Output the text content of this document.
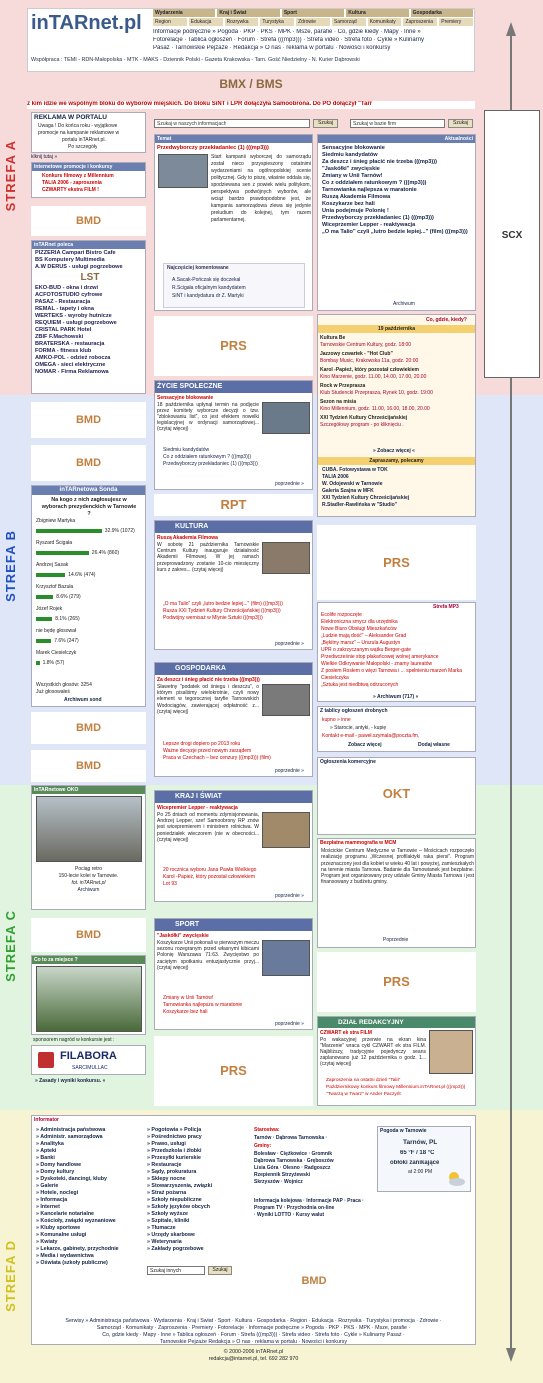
STREFA A
STREFA B
STREFA C
STREFA D
SCX
inTARnet.pl	Wydarzenia	Kraj i Świat	Sport	Kultura	Gospodarka
Region	Edukacja	Rozrywka	Turystyka	Zdrowie	Samorząd	Komunikaty	Zaproszenia	Premiery
Informacje podręczne » Pogoda · PKP · PKS · MPK · Msze, parafie · Co, gdzie kiedy · Mapy · Inne »
Fotorelacje · Tablica ogłoszeń · Forum · Strefa (((mp3))) · Strefa video · Strefa foto · Cykle » Kulinarny
Pasaż · Tarnowskie Pejzaże · Redakcja » O nas · reklama w portalu · Nowości i konkursy
Współpraca : TEMI - RDN-Małopolska - MTK - MAKS - Dziennik Polski - Gazeta Krakowska - Tarn. Gość Niedzielny - N. Kurier Dąbrowski
BMX / BMS
z kim idzie we wspólnym bloku do wyborów miejskich. Do bloku SiNT i LPR dołączyła Samoobrona. Do PO dołączył "Tarr
REKLAMA W PORTALU
Uwaga ! Do końca roku - wyjątkowe
promocje na kampanie reklamowe w
portalu inTARnet.pl.
Po szczegóły
klknij tutaj »
Internetowe promocje i konkursy
Konkurs filmowy z Millennium
TALIA 2006 - zaproszenia
CZWARTY ekstra FILM !
BMD
inTARnet poleca
PIZZERIA Campari Bistro Cafe
BS Komputery Multimedia
A.W DERUS - usługi pogrzebowe
LST
EKO-BUD - okna i drzwi
ACFOTOSTUDIO cyfrowe
PASAŻ - Restauracja
REMAL - tapety i okna
WERTEKS - wyroby hutnicze
REQUIEM - usługi pogrzebowe
CRISTAL PARK Hotel
ZBIF F.Machowski
BRATERSKA - restauracja
FORMA - fitness klub
AMKO-POL - odzież robocza
OMEGA - sieci elektryczne
NOMAR - Firma Reklamowa
Szukaj w naszych informacjach	Szukaj	Szukaj w bazie firm	Szukaj
Temat
Przedwyborczy przekładaniec (1) (((mp3)))
Start kampanii wyborczej do samorządu został nieco przyspieszony ostatnimi wydarzeniami na ogólnopolskiej scenie politycznej. Gdy to piszę, właśnie oddala się, spodziewana sen z powiek wielu politykom, perspektywa podwójnych wyborów, ale wciąż bardzo prawdopodobne jest, że kampania samorządowa zlewa się jedynie preludium do kolejnej, tym razem parlamentarnej.
Najczęściej komentowane
A.Sacak-Pończak się doczekał
R.Ścigała oficjalnym kandydatem
SiNT i kandydatura dr Z. Martyki
Aktualności
Sensacyjne blokowanie
Siedmiu kandydatów
Za deszcz i śnieg płacić nie trzeba (((mp3)))
"Jaskółki" zwycięskie
Zmiany w Unii Tarnów!
Co z oddziałem ratunkowym ? (((mp3)))
Tarnowianka najlepsza w maratonie
Ruszą Akademia Filmowa
Koszykarze bez hali
Unia podejmuje Polonię !
Przedwyborczy przekładaniec (1) (((mp3)))
Wiceprzemier Lepper - reaktywacja
„O ma Talio" czyli „lutro bedzie lepiej..." (film) (((mp3)))
Archiwum
PRS
Co, gdzie, kiedy?
19 października
Kultura Be
Tarnowskie Centrum Kultury, godz. 18:00
Jazzowy czwartek - "Hot Club"
Bombay Music, Krakowska 11a, godz. 20:00
Karol -Papież, który pozostał człowiekiem
Kino Marzenie, godz. 11.00, 14.00, 17.00, 20.00
Rock w Przeprasza
Klub Studencki Przeprasza, Rynek 10, godz. 19:00
Sezon na misia
Kino Millennium, godz. 11.00, 16.00, 18.00, 20.00
XXI Tydzień Kultury Chrześcijańskiej
Szczegółowy program - po kliknięciu .
» Zobacz więcej «
Zapraszamy, polecamy
CUBA. Fotowystawa w TOK
TALIA 2006
W. Odojewski w Tarnowie
Galeria Szajna w MFK
XXI Tydzień Kultury Chrześcijańskiej
R.Stadler-Rawlińska w "Studio"
BMD
BMD
inTARnetowa Sonda
Na kogo z nich zagłosujesz w wyborach prezydenckich w Tarnowie ?
Zbigniew Martyka
32.9% (1072)
Ryszard Ścigała
26.4% (860)
Andrzej Sasak
14.6% (474)
Krzysztof Bazuła
8.6% (279)
Józef Rojek
8.1% (265)
nie będę głosował
7.6% (247)
Marek Ciesielczyk
1.8% (57)
Wszystkich głosów: 3254
Już głosowałeś
Archiwum sond
BMD
BMD
ŻYCIE SPOŁECZNE
Sensacyjne blokowanie
18 października upłynął termin na podjęcie przez komitety wyborcze decyzji o tzw. "zblokowaniu list", co jest efektem nowelki legislacyjnej w ordynacji samorządowej... (czytaj więcej)
Siedmiu kandydatów
Co z oddziałem ratunkowym ? (((mp3)))
Przedwyborczy przekładaniec (1) (((mp3)))
poprzednie »
RPT
KULTURA
Ruszą Akademia Filmowa
W sobotę 21 października Tarnowskie Centrum Kultury inauguruje działalność Akademii Filmowej. W jej ramach przeprowadzony zostanie 10-cio miesięczny kurs z zakres... (czytaj więcej)
„O ma Talio" czyli „lutro bedzie lepiej..." (film) (((mp3)))
Rusza XXI Tydzień Kultury Chrześcijańskiej (((mp3)))
Podwójny wernisaż w Mlynie Sztuki (((mp3)))
poprzednie »
GOSPODARKA
Za deszcz i śnieg płacić nie trzeba (((mp3)))
Sławetny "podatek od śniegu i deszczu", o którym pisaliśmy wielokrotnie, czyli nowy element w tegorocznej taryfie Tarnowskich Wodociągów, zawierającej odpłatność z... (czytaj więcej)
Lepsze drogi dopiero po 2013 roku
Ważne decyzje przed nowym zarządem
Praca w Czechach – bez cenzury (((mp3))) (film)
poprzednie »
PRS
Strefa MP3
Ecolife rozpoczęte
Elektroniczna smycz dla urzędnika
Nowe Biuro Obsługi Mieszkańców
„Ludzie mają dość" – Aleksander Grad
„Bękitny marsz" – Urszula Augustyn
UPR o zakrzyczanym wątku Berger-gate
Przedwcześnie stop płakańcowej wolnej amerykance
Wielkie Odkrywanie Małopolski - znamy laureatów
Z posłem Rosłem o więzi Tarnowa i ... spełnieniu marzeń Marka Ciesielczyka
„Sztuka jest niedbtwą odrzuconych
» Archiwum (717) «
Z tablicy ogłoszeń drobnych
kupno » inne
» Starocie, antyki, - kupię
Kontakt e-mail - paweł.szymala@poczta.fm,
Zobacz więcej	Dodaj własne
Ogłoszenia komercyjne
OKT
InTARnetowe OKO
Pociąg retro
150-lecie kolei w Tarnowie.
fot. inTARnet.pl
Archiwum
BMD
Co to za miejsce ?
sponsorem nagród w konkursie jest :
FILABORA
SARCIMULLAC
» Zasady i wyniki konkursu. «
KRAJ I ŚWIAT
Wicepremier Lepper - reaktywacja
Po 25 dniach od momentu zdymisjonowania, Andrzej Lepper, szef Samoobrony RP znów jest wicepremierem i ministrem rolnictwa. W poniedziałek wieczorem (nie w obecności... (czytaj więcej)
20 rocznica wyboru Jana Pawła Wielkiego
Karol -Papież, który pozostał człowiekiem
Lot 93
poprzednie »
SPORT
"Jaskółki" zwycięskie
Koszykarze Unii pokonali w pierwszym meczu sezonu rozegranym przed własnymi kibicami Polonię Warszawa 71:63. Zwycięstwo po zaciętym spotkaniu entuzjastycznie przyj... (czytaj więcej)
Zmiany w Unii Tarnów!
Tarnowianka najlepsza w maratonie
Koszykarze bez hali
poprzednie »
PRS
Bezpłatna mammografia w MCM
Mościckie Centrum Medyczne w Tarnowie – Mościcach rozpoczęło realizację programu „Wczesnej profilaktyki raka piersi". Program przeznaczony jest dla kobiet w wieku 40 lat i powyżej, zamieszkałych na terenie miasta Tarnowa. Badanie dla Tarnowianek jest bezpłatne. Program jest organizowany przy udziale Gminy Miasta Tarnowa i jest finansowany z budżetu gminy.
Poprzednie
PRS
DZIAŁ REDAKCYJNY
CZWART ek stra FILM
Po wakacyjnej przerwie na ekran kina "Marzenie" wraca cykl CZWART ek stra FILM. Najbliższy, tradycyjnie pojedynczy seans zaplanowano już 12 października o godz. 1... (czytaj więcej)
Zaproszenia na ostatni dzień "Talii"
Październikowy konkurs filmowy Millennium.inTARnet.pl (((mp3)))
"Twarzą w Twarz" w Ander Paczyńt
Informator
» Administracja państwowa
» Administr. samorządowa
» Analityka
» Apteki
» Banki
» Domy handlowe
» Domy kultury
» Dyskoteki, dancingi, kluby
» Galerie
» Hotele, noclegi
» Informacja
» Internet
» Kancelarie notarialne
» Kościoły, związki wyznaniowe
» Kluby sportowe
» Komunalne usługi
» Kwiaty
» Lekarze, gabinety, przychodnie
» Media i wydawnictwa
» Oświata (szkoły publiczne)
» Pogotowia » Policja
» Pośrednictwo pracy
» Prawo, usługi
» Przedszkola i żłobki
» Przesyłki kurierskie
» Restauracje
» Sądy, prokuratura
» Sklepy nocne
» Stowarzyszenia, związki
» Straż pożarna
» Szkoły niepubliczne
» Szkoły języków obcych
» Szkoły wyższe
» Szpitale, kliniki
» Tłumacze
» Urzędy skarbowe
» Weterynaria
» Zakłady pogrzebowe
Szukaj innych	Szukaj
Starostwa:
Tarnów · Dąbrowa Tarnowska ·
Gminy:
Bolesław · Ciężkowice · Gromnik
Dąbrowa Tarnowska · Gręboszów
Lisia Góra · Olesno · Radgoszcz
Rzepiennik Strzyżewski
Skrzyszów · Wojnicz
Informacja kolejowa · Informacje PAP · Praca ·
Program TV · Przychodnia on-line
· Wyniki LOTTO · Kursy walut
BMD
Pogoda w Tarnowie
Tarnów, PL
65 °F / 18 °C
obłoki zanikające
at 2:00 PM
Serwisy » Administracja państwowa · Wydarzenia · Kraj i Świat · Sport · Kultura · Gospodarka · Region · Edukacja · Rozrywka · Turystyka i promocja · Zdrowie ·
Samorząd · Komunikaty · Zaproszenia · Premiery · Fotorelacje · Informacje podręczne » Pogoda · PKP · PKS · MPK · Msze, parafie ·
Co, gdzie kiedy · Mapy · Inne » Tablica ogłoszeń · Forum · Strefa (((mp3))) · Strefa video · Strefa foto · Cykle » Kulinarny Pasaż ·
Tarnowskie Pejzaże Redakcja » O nas · reklama w portalu · Nowości i konkursy
© 2000-2006 inTARnet.pl
redakcja@intarnet.pl, tel. 692 282 970
